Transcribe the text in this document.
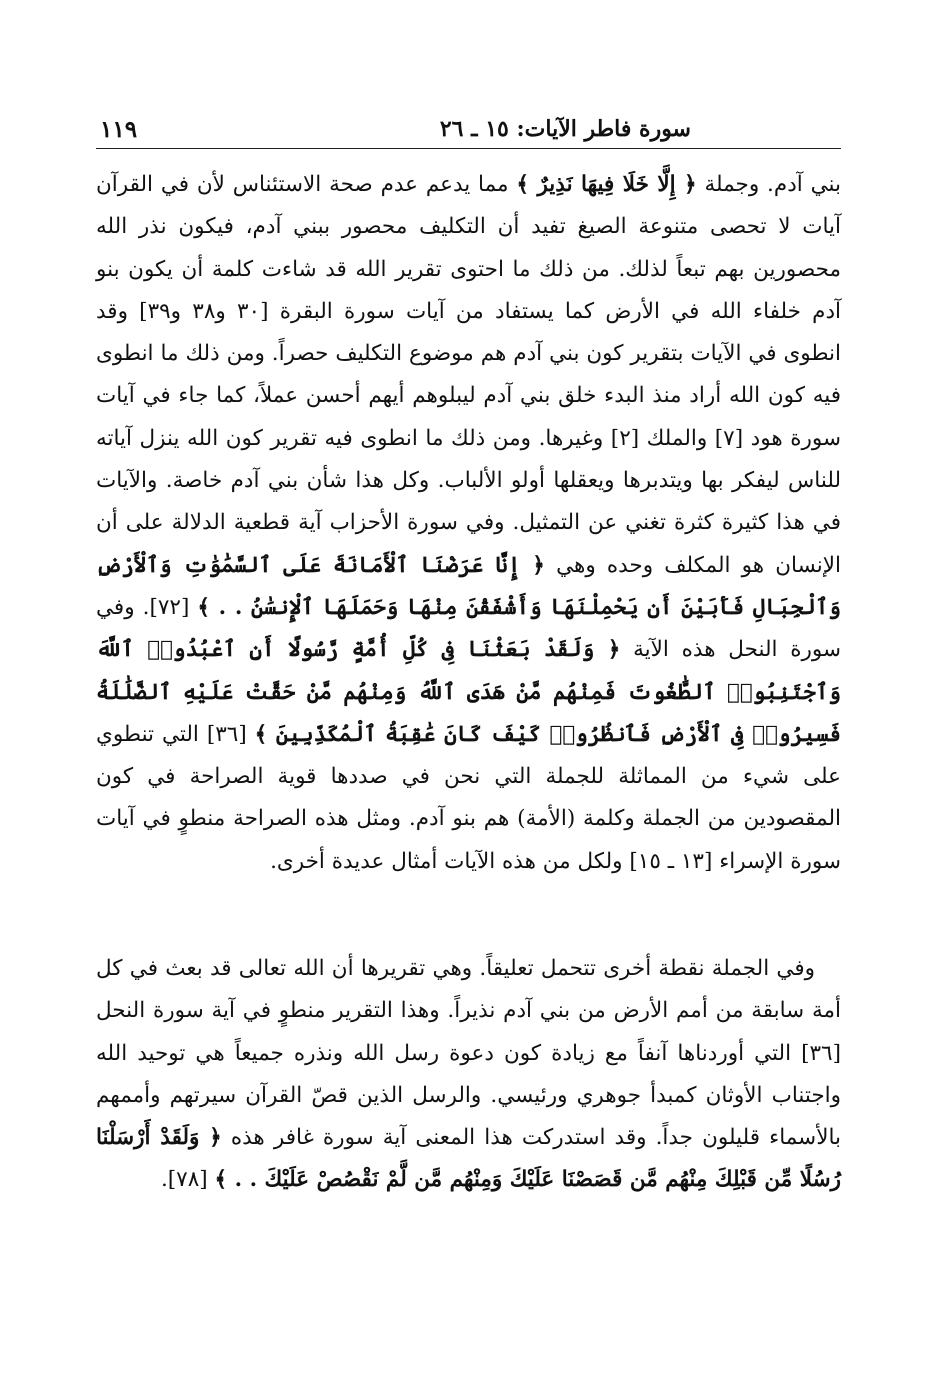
سورة فاطر الآيات: ١٥ ـ ٢٦
١١٩

بني آدم. وجملة ﴿ إِلَّا خَلَا فِيهَا نَذِيرٌ ﴾ مما يدعم عدم صحة الاستئناس لأن في القرآن آيات لا تحصى متنوعة الصيغ تفيد أن التكليف محصور ببني آدم، فيكون نذر الله محصورين بهم تبعاً لذلك. من ذلك ما احتوى تقرير الله قد شاءت كلمة أن يكون بنو آدم خلفاء الله في الأرض كما يستفاد من آيات سورة البقرة [٣٠ و٣٨ و٣٩] وقد انطوى في الآيات بتقرير كون بني آدم هم موضوع التكليف حصراً. ومن ذلك ما انطوى فيه كون الله أراد منذ البدء خلق بني آدم ليبلوهم أيهم أحسن عملاً، كما جاء في آيات سورة هود [٧] والملك [٢] وغيرها. ومن ذلك ما انطوى فيه تقرير كون الله ينزل آياته للناس ليفكر بها ويتدبرها ويعقلها أولو الألباب. وكل هذا شأن بني آدم خاصة. والآيات في هذا كثيرة كثرة تغني عن التمثيل. وفي سورة الأحزاب آية قطعية الدلالة على أن الإنسان هو المكلف وحده وهي ﴿ إِنَّا عَرَضْنَا ٱلْأَمَانَةَ عَلَى ٱلسَّمَٰوَٰتِ وَٱلْأَرْضِ وَٱلْجِبَالِ فَأَبَيْنَ أَن يَحْمِلْنَهَا وَأَشْفَقْنَ مِنْهَا وَحَمَلَهَا ٱلْإِنسَٰنُ . . ﴾ [٧٢]. وفي سورة النحل هذه الآية ﴿ وَلَقَدْ بَعَثْنَا فِى كُلِّ أُمَّةٍ رَّسُولًا أَنِ ٱعْبُدُوا۟ ٱللَّهَ وَٱجْتَنِبُوا۟ ٱلطَّٰغُوتَ فَمِنْهُم مَّنْ هَدَى ٱللَّهُ وَمِنْهُم مَّنْ حَقَّتْ عَلَيْهِ ٱلضَّلَٰلَةُ فَسِيرُوا۟ فِى ٱلْأَرْضِ فَٱنظُرُوا۟ كَيْفَ كَانَ عَٰقِبَةُ ٱلْمُكَذِّبِينَ ﴾ [٣٦] التي تنطوي على شيء من المماثلة للجملة التي نحن في صددها قوية الصراحة في كون المقصودين من الجملة وكلمة (الأمة) هم بنو آدم. ومثل هذه الصراحة منطوٍ في آيات سورة الإسراء [١٣ ـ ١٥] ولكل من هذه الآيات أمثال عديدة أخرى.

وفي الجملة نقطة أخرى تتحمل تعليقاً. وهي تقريرها أن الله تعالى قد بعث في كل أمة سابقة من أمم الأرض من بني آدم نذيراً. وهذا التقرير منطوٍ في آية سورة النحل [٣٦] التي أوردناها آنفاً مع زيادة كون دعوة رسل الله ونذره جميعاً هي توحيد الله واجتناب الأوثان كمبدأ جوهري ورئيسي. والرسل الذين قصّ القرآن سيرتهم وأممهم بالأسماء قليلون جداً. وقد استدركت هذا المعنى آية سورة غافر هذه ﴿ وَلَقَدْ أَرْسَلْنَا رُسُلًا مِّن قَبْلِكَ مِنْهُم مَّن قَصَصْنَا عَلَيْكَ وَمِنْهُم مَّن لَّمْ نَقْصُصْ عَلَيْكَ . . ﴾ [٧٨].
